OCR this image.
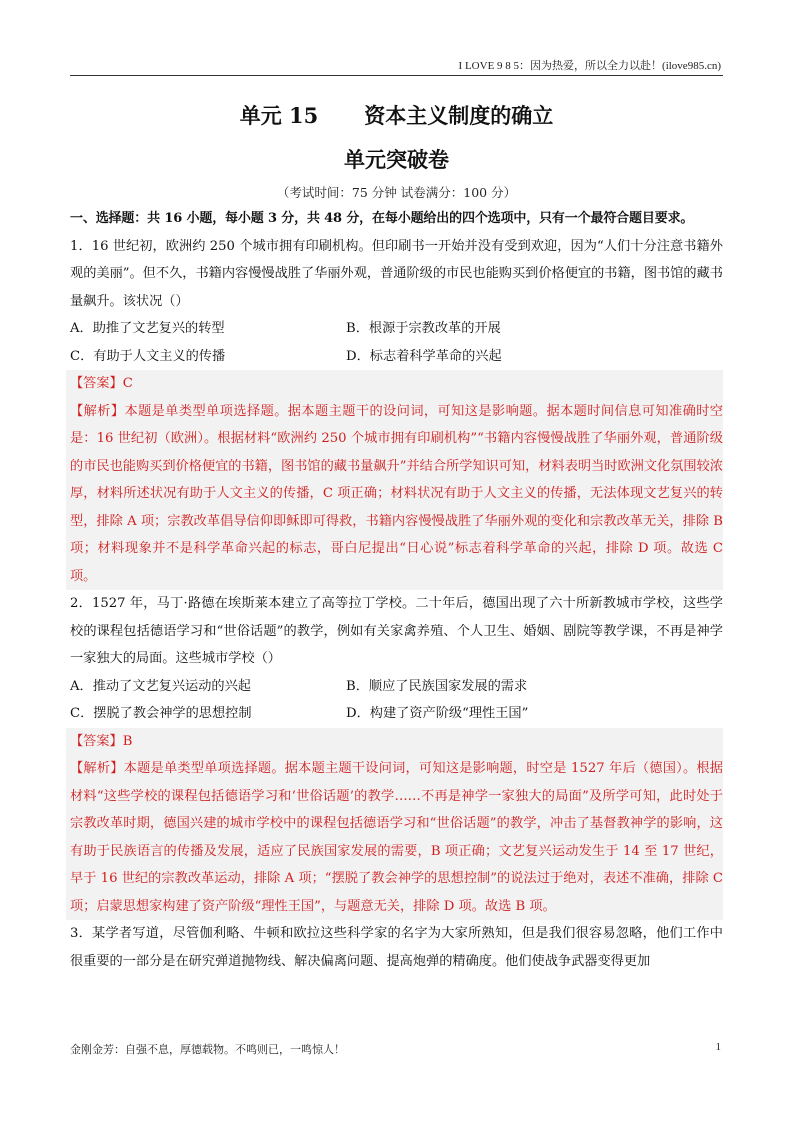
I LOVE 9 8 5：因为热爱，所以全力以赴！(ilove985.cn)
单元 15 资本主义制度的确立
单元突破卷
（考试时间：75 分钟 试卷满分：100 分）
一、选择题：共 16 小题，每小题 3 分，共 48 分，在每小题给出的四个选项中，只有一个最符合题目要求。

1．16 世纪初，欧洲约 250 个城市拥有印刷机构。但印刷书一开始并没有受到欢迎，因为“人们十分注意书籍外观的美丽”。但不久，书籍内容慢慢战胜了华丽外观，普通阶级的市民也能购买到价格便宜的书籍，图书馆的藏书量飙升。该状况（）

A．助推了文艺复兴的转型	B．根源于宗教改革的开展
C．有助于人文主义的传播	D．标志着科学革命的兴起

【答案】C

【解析】本题是单类型单项选择题。据本题主题干的设问词，可知这是影响题。据本题时间信息可知准确时空是：16 世纪初（欧洲）。根据材料“欧洲约 250 个城市拥有印刷机构”“书籍内容慢慢战胜了华丽外观，普通阶级的市民也能购买到价格便宜的书籍，图书馆的藏书量飙升”并结合所学知识可知，材料表明当时欧洲文化氛围较浓厚，材料所述状况有助于人文主义的传播，C 项正确；材料状况有助于人文主义的传播，无法体现文艺复兴的转型，排除 A 项；宗教改革倡导信仰即稣即可得救，书籍内容慢慢战胜了华丽外观的变化和宗教改革无关，排除 B 项；材料现象并不是科学革命兴起的标志，哥白尼提出“日心说”标志着科学革命的兴起，排除 D 项。故选 C 项。

2．1527 年，马丁·路德在埃斯莱本建立了高等拉丁学校。二十年后，德国出现了六十所新教城市学校，这些学校的课程包括德语学习和“世俗话题”的教学，例如有关家禽养殖、个人卫生、婚姻、剧院等教学课，不再是神学一家独大的局面。这些城市学校（）

A．推动了文艺复兴运动的兴起	B．顺应了民族国家发展的需求
C．摆脱了教会神学的思想控制	D．构建了资产阶级“理性王国”

【答案】B

【解析】本题是单类型单项选择题。据本题主题干设问词，可知这是影响题，时空是 1527 年后（德国）。根据材料“这些学校的课程包括德语学习和‘世俗话题’的教学……不再是神学一家独大的局面”及所学可知，此时处于宗教改革时期，德国兴建的城市学校中的课程包括德语学习和“世俗话题”的教学，冲击了基督教神学的影响，这有助于民族语言的传播及发展，适应了民族国家发展的需要，B 项正确；文艺复兴运动发生于 14 至 17 世纪，早于 16 世纪的宗教改革运动，排除 A 项；“摆脱了教会神学的思想控制”的说法过于绝对，表述不准确，排除 C 项；启蒙思想家构建了资产阶级“理性王国”，与题意无关，排除 D 项。故选 B 项。

3．某学者写道，尽管伽利略、牛顿和欧拉这些科学家的名字为大家所熟知，但是我们很容易忽略，他们工作中很重要的一部分是在研究弹道抛物线、解决偏离问题、提高炮弹的精确度。他们使战争武器变得更加

金刚金芳：自强不息，厚德载物。不鸣则已，一鸣惊人！	1
